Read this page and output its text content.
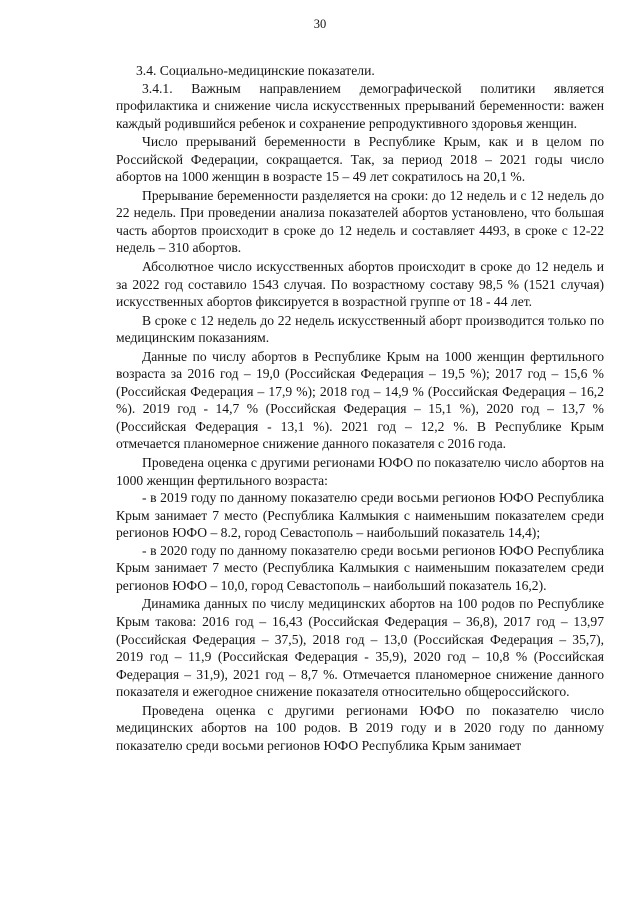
30

3.4. Социально-медицинские показатели.

3.4.1. Важным направлением демографической политики является профилактика и снижение числа искусственных прерываний беременности: важен каждый родившийся ребенок и сохранение репродуктивного здоровья женщин.

Число прерываний беременности в Республике Крым, как и в целом по Российской Федерации, сокращается. Так, за период 2018 – 2021 годы число абортов на 1000 женщин в возрасте 15 – 49 лет сократилось на 20,1 %.

Прерывание беременности разделяется на сроки: до 12 недель и с 12 недель до 22 недель. При проведении анализа показателей абортов установлено, что большая часть абортов происходит в сроке до 12 недель и составляет 4493, в сроке с 12-22 недель – 310 абортов.

Абсолютное число искусственных абортов происходит в сроке до 12 недель и за 2022 год составило 1543 случая. По возрастному составу 98,5 % (1521 случая) искусственных абортов фиксируется в возрастной группе от 18 - 44 лет.

В сроке с 12 недель до 22 недель искусственный аборт производится только по медицинским показаниям.

Данные по числу абортов в Республике Крым на 1000 женщин фертильного возраста за 2016 год – 19,0 (Российская Федерация – 19,5 %); 2017 год – 15,6 % (Российская Федерация – 17,9 %); 2018 год – 14,9 % (Российская Федерация – 16,2 %). 2019 год - 14,7 % (Российская Федерация – 15,1 %), 2020 год – 13,7 % (Российская Федерация - 13,1 %). 2021 год – 12,2 %. В Республике Крым отмечается планомерное снижение данного показателя с 2016 года.

Проведена оценка с другими регионами ЮФО по показателю число абортов на 1000 женщин фертильного возраста:

- в 2019 году по данному показателю среди восьми регионов ЮФО Республика Крым занимает 7 место (Республика Калмыкия с наименьшим показателем среди регионов ЮФО – 8.2, город Севастополь – наибольший показатель 14,4);

- в 2020 году по данному показателю среди восьми регионов ЮФО Республика Крым занимает 7 место (Республика Калмыкия с наименьшим показателем среди регионов ЮФО – 10,0, город Севастополь – наибольший показатель 16,2).

Динамика данных по числу медицинских абортов на 100 родов по Республике Крым такова: 2016 год – 16,43 (Российская Федерация – 36,8), 2017 год – 13,97 (Российская Федерация – 37,5), 2018 год – 13,0 (Российская Федерация – 35,7), 2019 год – 11,9 (Российская Федерация - 35,9), 2020 год – 10,8 % (Российская Федерация – 31,9), 2021 год – 8,7 %. Отмечается планомерное снижение данного показателя и ежегодное снижение показателя относительно общероссийского.

Проведена оценка с другими регионами ЮФО по показателю число медицинских абортов на 100 родов. В 2019 году и в 2020 году по данному показателю среди восьми регионов ЮФО Республика Крым занимает
